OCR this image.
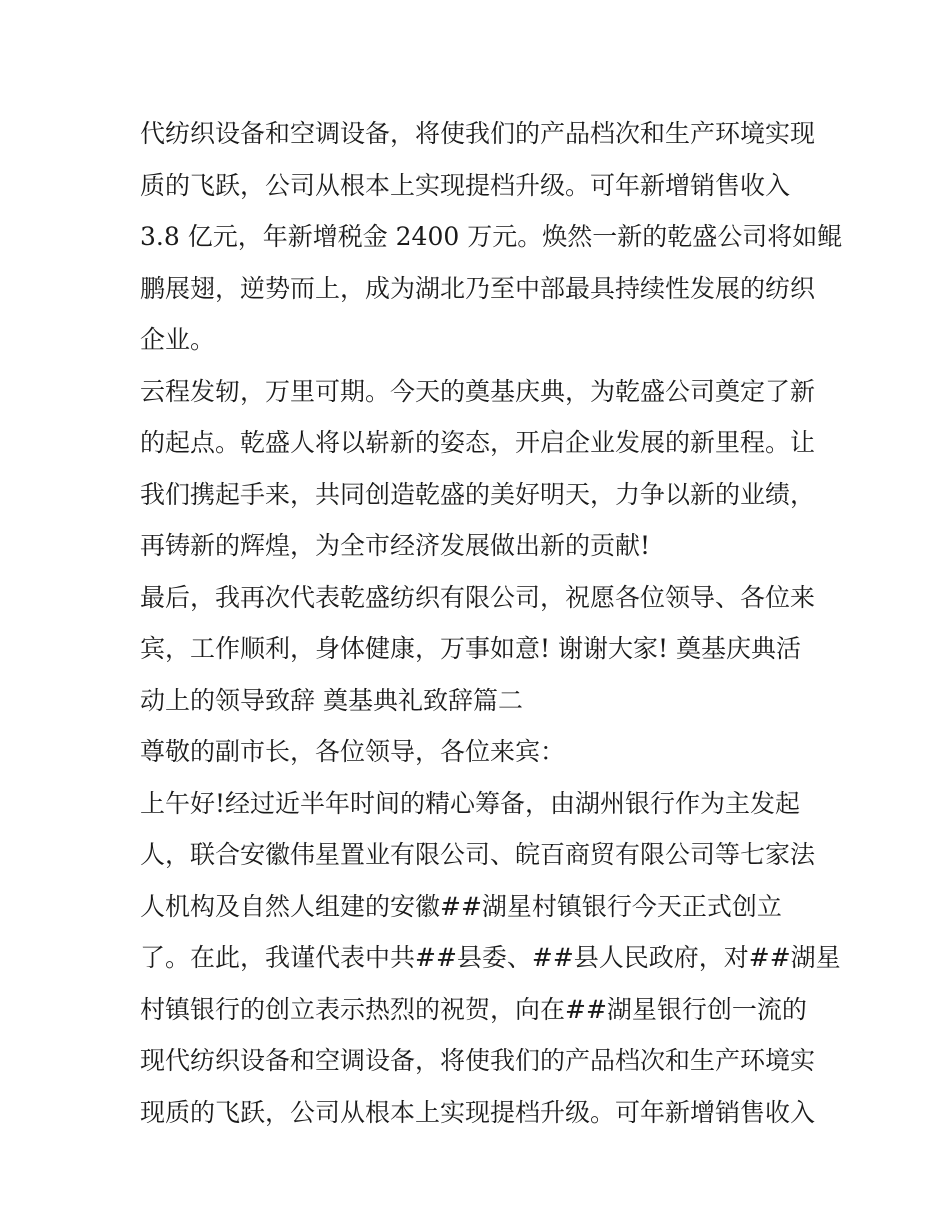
代纺织设备和空调设备，将使我们的产品档次和生产环境实现
质的飞跃，公司从根本上实现提档升级。可年新增销售收入
3.8 亿元，年新增税金 2400 万元。焕然一新的乾盛公司将如鲲
鹏展翅，逆势而上，成为湖北乃至中部最具持续性发展的纺织
企业。
云程发轫，万里可期。今天的奠基庆典，为乾盛公司奠定了新
的起点。乾盛人将以崭新的姿态，开启企业发展的新里程。让
我们携起手来，共同创造乾盛的美好明天，力争以新的业绩，
再铸新的辉煌，为全市经济发展做出新的贡献!
最后，我再次代表乾盛纺织有限公司，祝愿各位领导、各位来
宾，工作顺利，身体健康，万事如意! 谢谢大家! 奠基庆典活
动上的领导致辞 奠基典礼致辞篇二
尊敬的副市长，各位领导，各位来宾：
上午好!经过近半年时间的精心筹备，由湖州银行作为主发起
人，联合安徽伟星置业有限公司、皖百商贸有限公司等七家法
人机构及自然人组建的安徽##湖星村镇银行今天正式创立
了。在此，我谨代表中共##县委、##县人民政府，对##湖星
村镇银行的创立表示热烈的祝贺，向在##湖星银行创一流的
现代纺织设备和空调设备，将使我们的产品档次和生产环境实
现质的飞跃，公司从根本上实现提档升级。可年新增销售收入
